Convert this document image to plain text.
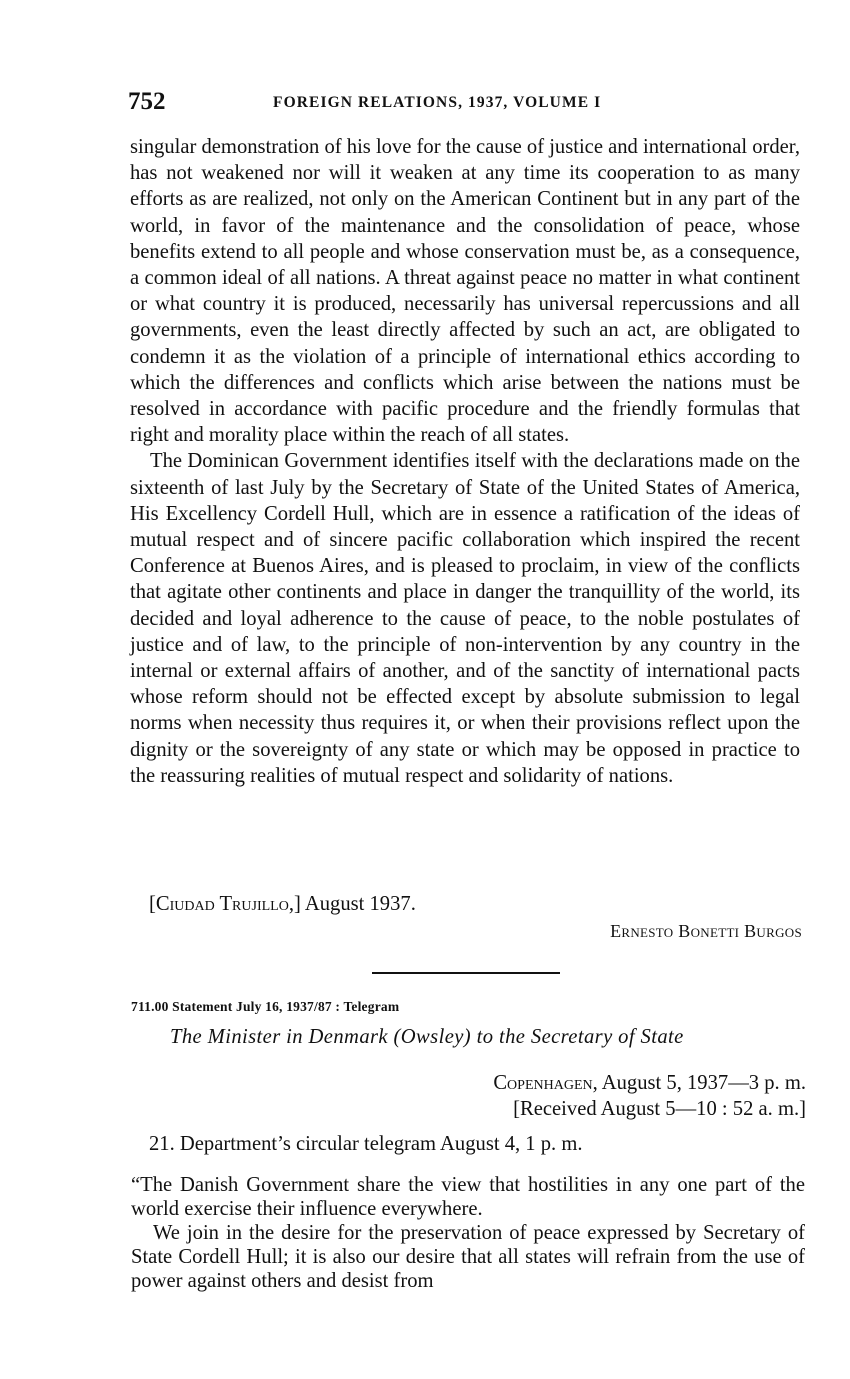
752	FOREIGN RELATIONS, 1937, VOLUME I

singular demonstration of his love for the cause of justice and international order, has not weakened nor will it weaken at any time its cooperation to as many efforts as are realized, not only on the American Continent but in any part of the world, in favor of the maintenance and the consolidation of peace, whose benefits extend to all people and whose conservation must be, as a consequence, a common ideal of all nations. A threat against peace no matter in what continent or what country it is produced, necessarily has universal repercussions and all governments, even the least directly affected by such an act, are obligated to condemn it as the violation of a principle of international ethics according to which the differences and conflicts which arise between the nations must be resolved in accordance with pacific procedure and the friendly formulas that right and morality place within the reach of all states.

The Dominican Government identifies itself with the declarations made on the sixteenth of last July by the Secretary of State of the United States of America, His Excellency Cordell Hull, which are in essence a ratification of the ideas of mutual respect and of sincere pacific collaboration which inspired the recent Conference at Buenos Aires, and is pleased to proclaim, in view of the conflicts that agitate other continents and place in danger the tranquillity of the world, its decided and loyal adherence to the cause of peace, to the noble postulates of justice and of law, to the principle of non-intervention by any country in the internal or external affairs of another, and of the sanctity of international pacts whose reform should not be effected except by absolute submission to legal norms when necessity thus requires it, or when their provisions reflect upon the dignity or the sovereignty of any state or which may be opposed in practice to the reassuring realities of mutual respect and solidarity of nations.

[Ciudad Trujillo,] August 1937.
Ernesto Bonetti Burgos
711.00 Statement July 16, 1937/87 : Telegram
The Minister in Denmark (Owsley) to the Secretary of State
Copenhagen, August 5, 1937—3 p. m.
[Received August 5—10 : 52 a. m.]
21. Department’s circular telegram August 4, 1 p. m.

“The Danish Government share the view that hostilities in any one part of the world exercise their influence everywhere.

We join in the desire for the preservation of peace expressed by Secretary of State Cordell Hull; it is also our desire that all states will refrain from the use of power against others and desist from
